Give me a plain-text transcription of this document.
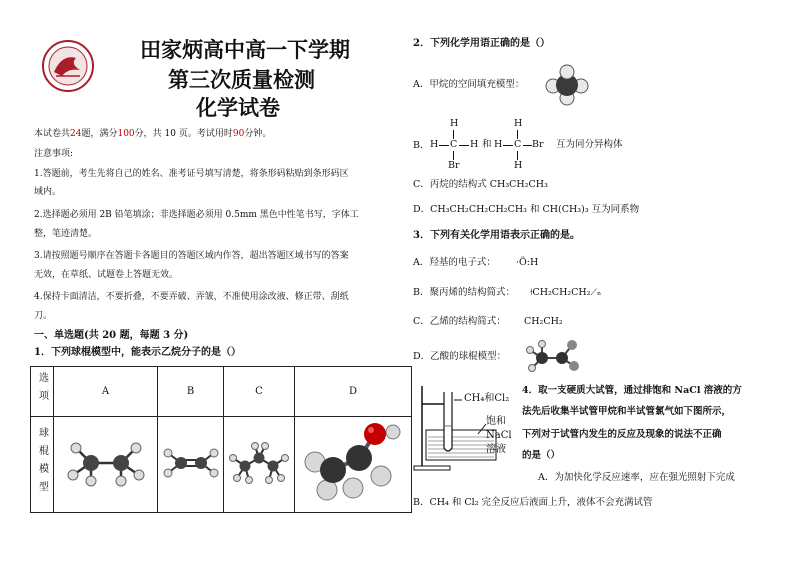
田家炳高中高一下学期
第三次质量检测
化学试卷
本试卷共24题，满分100分，共 10 页。考试用时90分钟。
注意事项:
1.答题前，考生先将自己的姓名、准考证号填写清楚，将条形码粘贴到条形码区
域内。
2.选择题必须用 2B 铅笔填涂；非选择题必须用 0.5mm 黑色中性笔书写，字体工
整，笔迹清楚。
3.请按照题号顺序在答题卡各题目的答题区域内作答，超出答题区域书写的答案
无效，在草纸、试题卷上答题无效。
4.保持卡面清洁，不要折叠，不要弄破、弄皱，不准使用涂改液、修正带、刮纸
刀。
一、单选题(共 20 题，每题 3 分)
1．下列球棍模型中，能表示乙烷分子的是（）
选项	A	B	C	D
球棍模型				
2．下列化学用语正确的是（）
A．甲烷的空间填充模型：
B．
H
H C H
Br
和 H
H
C Br
H
互为同分异构体
C．丙烷的结构式 CH₃CH₂CH₃
D．CH₃CH₂CH₂CH₂CH₃ 和 CH(CH₃)₃ 互为同系物
3．下列有关化学用语表示正确的是。
A．羟基的电子式： ·Ö:H
B．聚丙烯的结构简式： ⟊CH₂CH₂CH₂⟋ₙ
C．乙烯的结构简式： CH₂CH₂
D．乙酸的球棍模型：
CH₄和Cl₂
饱和
NaCl
溶液
4．取一支硬质大试管，通过排饱和 NaCl 溶液的方
法先后收集半试管甲烷和半试管氯气如下图所示，
下列对于试管内发生的反应及现象的说法不正确
的是（）
A．为加快化学反应速率，应在强光照射下完成
B．CH₄ 和 Cl₂ 完全反应后液面上升，液体不会充满试管
